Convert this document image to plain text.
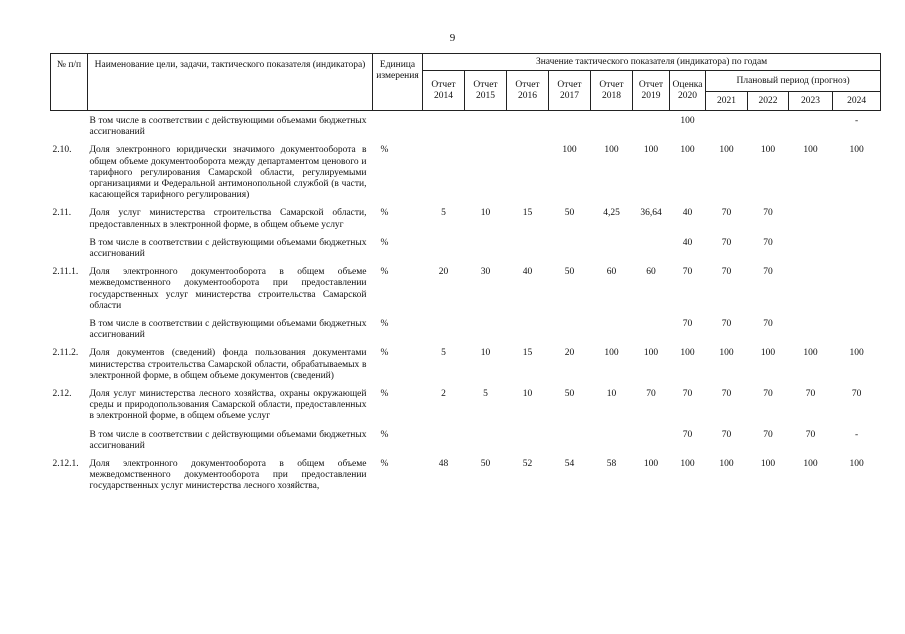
9
№ п/п	Наименование цели, задачи, тактического показателя (индикатора)	Единица измерения	Значение тактического показателя (индикатора) по годам										
			Отчет 2014	Отчет 2015	Отчет 2016	Отчет 2017	Отчет 2018	Отчет 2019	Оценка 2020	Плановый период (прогноз)			
										2021	2022	2023	2024
	В том числе в соответствии с действующими объемами бюджетных ассигнований								100				-
2.10.	Доля электронного юридически значимого документооборота в общем объеме документооборота между департаментом ценового и тарифного регулирования Самарской области, регулируемыми организациями и Федеральной антимонопольной службой (в части, касающейся тарифного регулирования)	%				100	100	100	100	100	100	100	100
2.11.	Доля услуг министерства строительства Самарской области, предоставленных в электронной форме, в общем объеме услуг	%	5	10	15	50	4,25	36,64	40	70	70		
	В том числе в соответствии с действующими объемами бюджетных ассигнований	%							40	70	70		
2.11.1.	Доля электронного документооборота в общем объеме межведомственного документооборота при предоставлении государственных услуг министерства строительства Самарской области	%	20	30	40	50	60	60	70	70	70		
	В том числе в соответствии с действующими объемами бюджетных ассигнований	%							70	70	70		
2.11.2.	Доля документов (сведений) фонда пользования документами министерства строительства Самарской области, обрабатываемых в электронной форме, в общем объеме документов (сведений)	%	5	10	15	20	100	100	100	100	100	100	100
2.12.	Доля услуг министерства лесного хозяйства, охраны окружающей среды и природопользования Самарской области, предоставленных в электронной форме, в общем объеме услуг	%	2	5	10	50	10	70	70	70	70	70	70
	В том числе в соответствии с действующими объемами бюджетных ассигнований	%							70	70	70	70	-
2.12.1.	Доля электронного документооборота в общем объеме межведомственного документооборота при предоставлении государственных услуг министерства лесного хозяйства,	%	48	50	52	54	58	100	100	100	100	100	100
